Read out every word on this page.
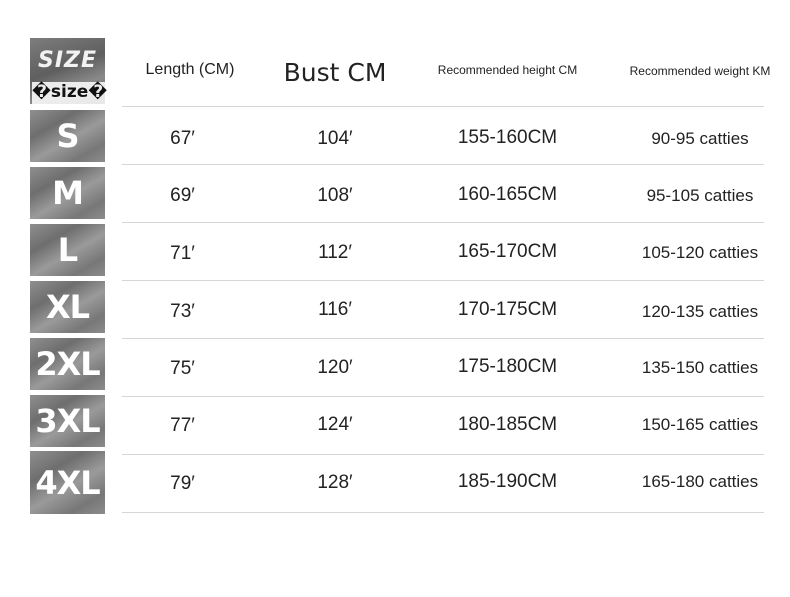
SIZE
�size�
Length (CM)	Bust CM	Recommended height CM	Recommended weight KM
S	67′	104′	155-160CM	90-95 catties
M	69′	108′	160-165CM	95-105 catties
L	71′	112′	165-170CM	105-120 catties
XL	73′	116′	170-175CM	120-135 catties
2XL	75′	120′	175-180CM	135-150 catties
3XL	77′	124′	180-185CM	150-165 catties
4XL	79′	128′	185-190CM	165-180 catties
